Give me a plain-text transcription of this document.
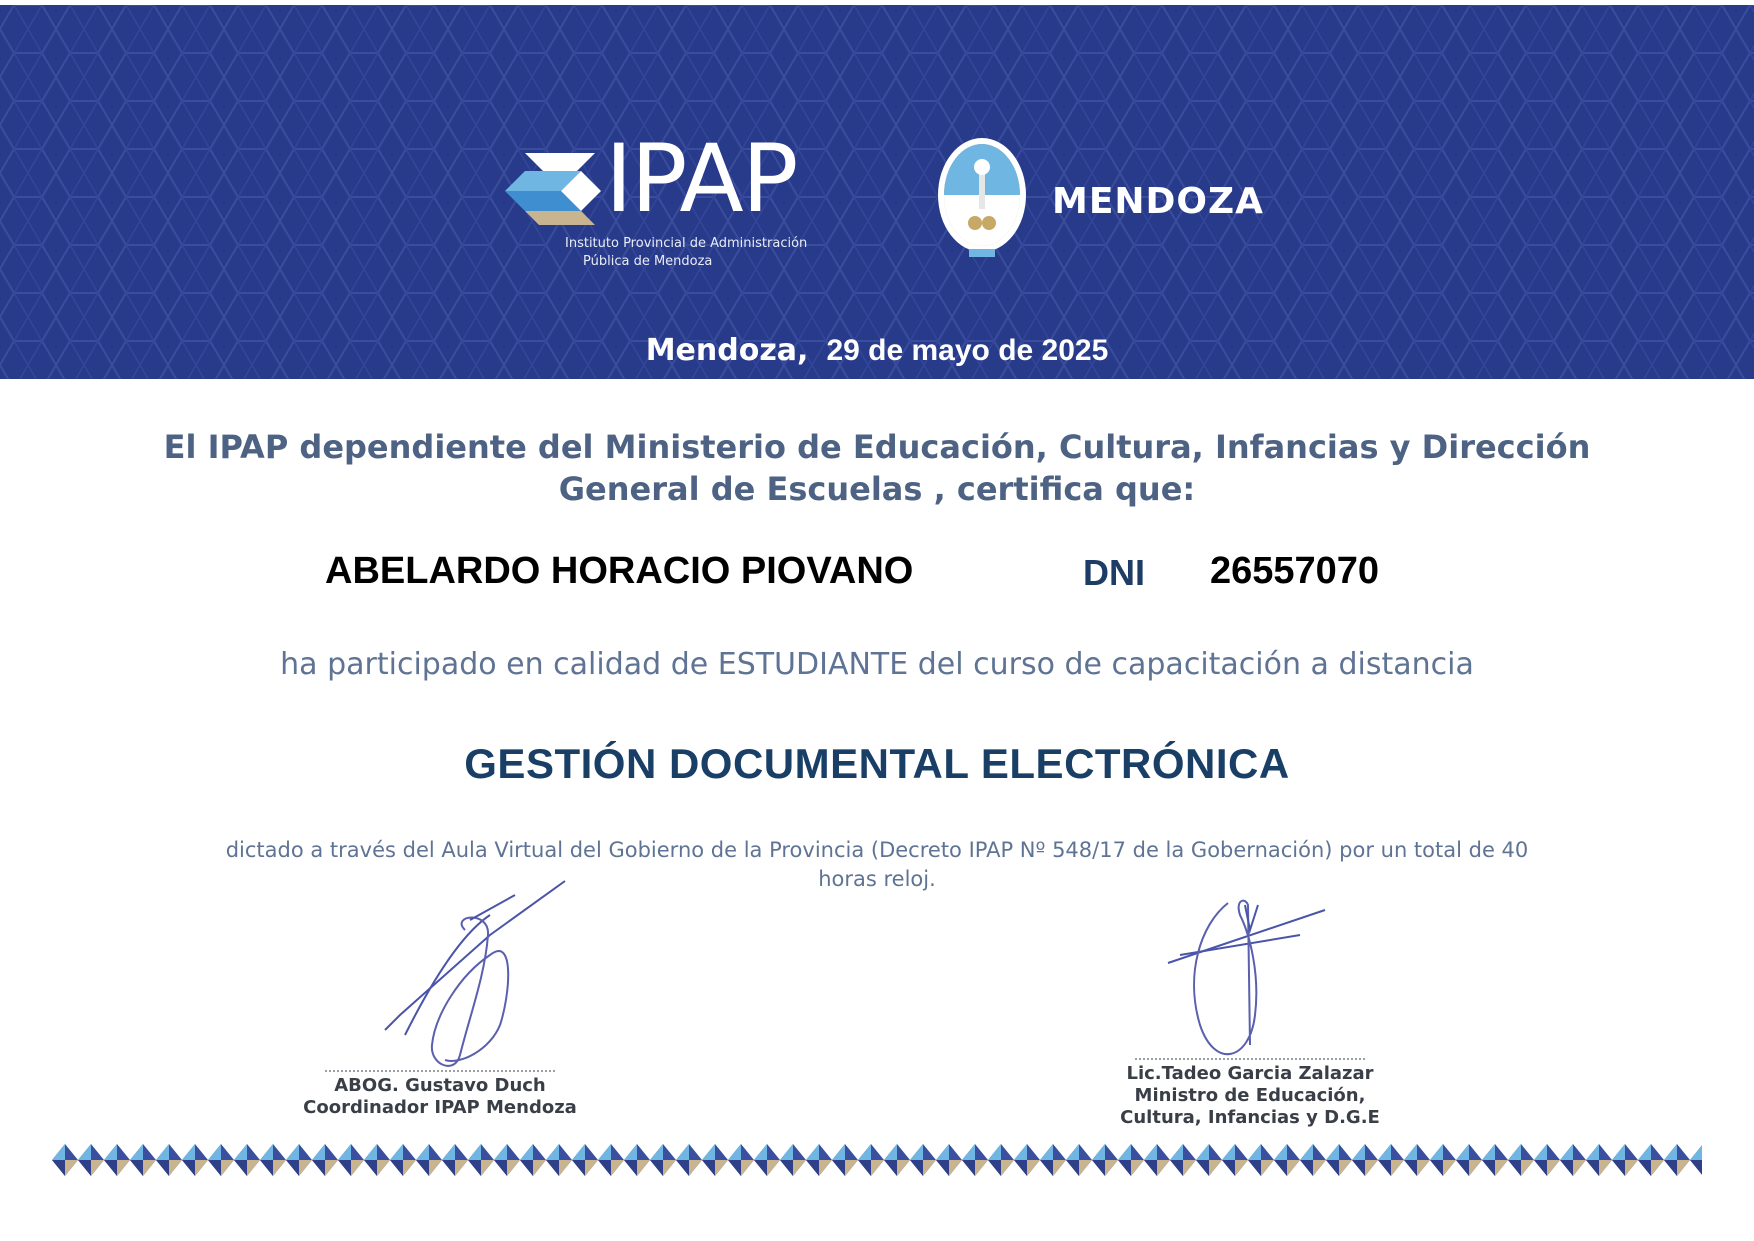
IPAP
Instituto Provincial de Administración
Pública de Mendoza
MENDOZA
Mendoza, 29 de mayo de 2025
El IPAP dependiente del Ministerio de Educación, Cultura, Infancias y Dirección
General de Escuelas , certifica que:
ABELARDO HORACIO PIOVANO	DNI 26557070
ha participado en calidad de ESTUDIANTE del curso de capacitación a distancia
GESTIÓN DOCUMENTAL ELECTRÓNICA
dictado a través del Aula Virtual del Gobierno de la Provincia (Decreto IPAP Nº 548/17 de la Gobernación) por un total de 40
horas reloj.
ABOG. Gustavo Duch
Coordinador IPAP Mendoza
Lic.Tadeo Garcia Zalazar
Ministro de Educación,
Cultura, Infancias y D.G.E
